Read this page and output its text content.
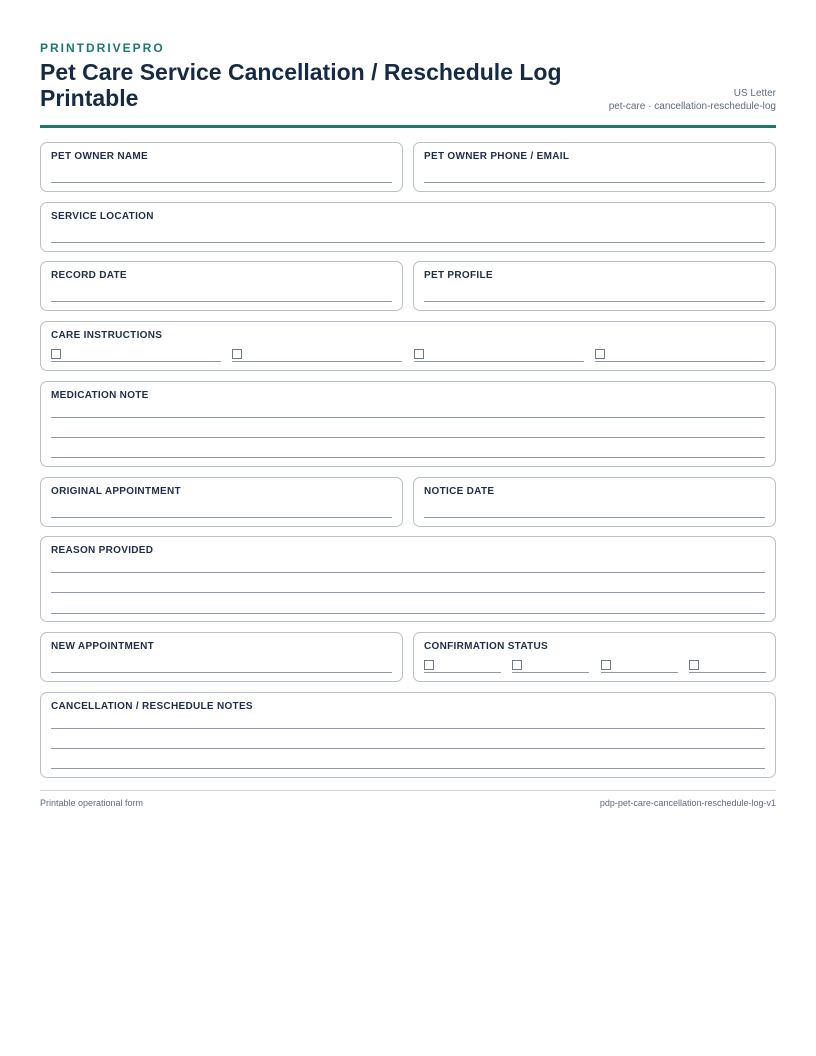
PRINTDRIVEPRO
Pet Care Service Cancellation / Reschedule Log Printable	US Letter
pet-care · cancellation-reschedule-log
PET OWNER NAME	PET OWNER PHONE / EMAIL
SERVICE LOCATION
RECORD DATE	PET PROFILE
CARE INSTRUCTIONS
MEDICATION NOTE
ORIGINAL APPOINTMENT	NOTICE DATE
REASON PROVIDED
NEW APPOINTMENT	CONFIRMATION STATUS
CANCELLATION / RESCHEDULE NOTES
Printable operational form	pdp-pet-care-cancellation-reschedule-log-v1
